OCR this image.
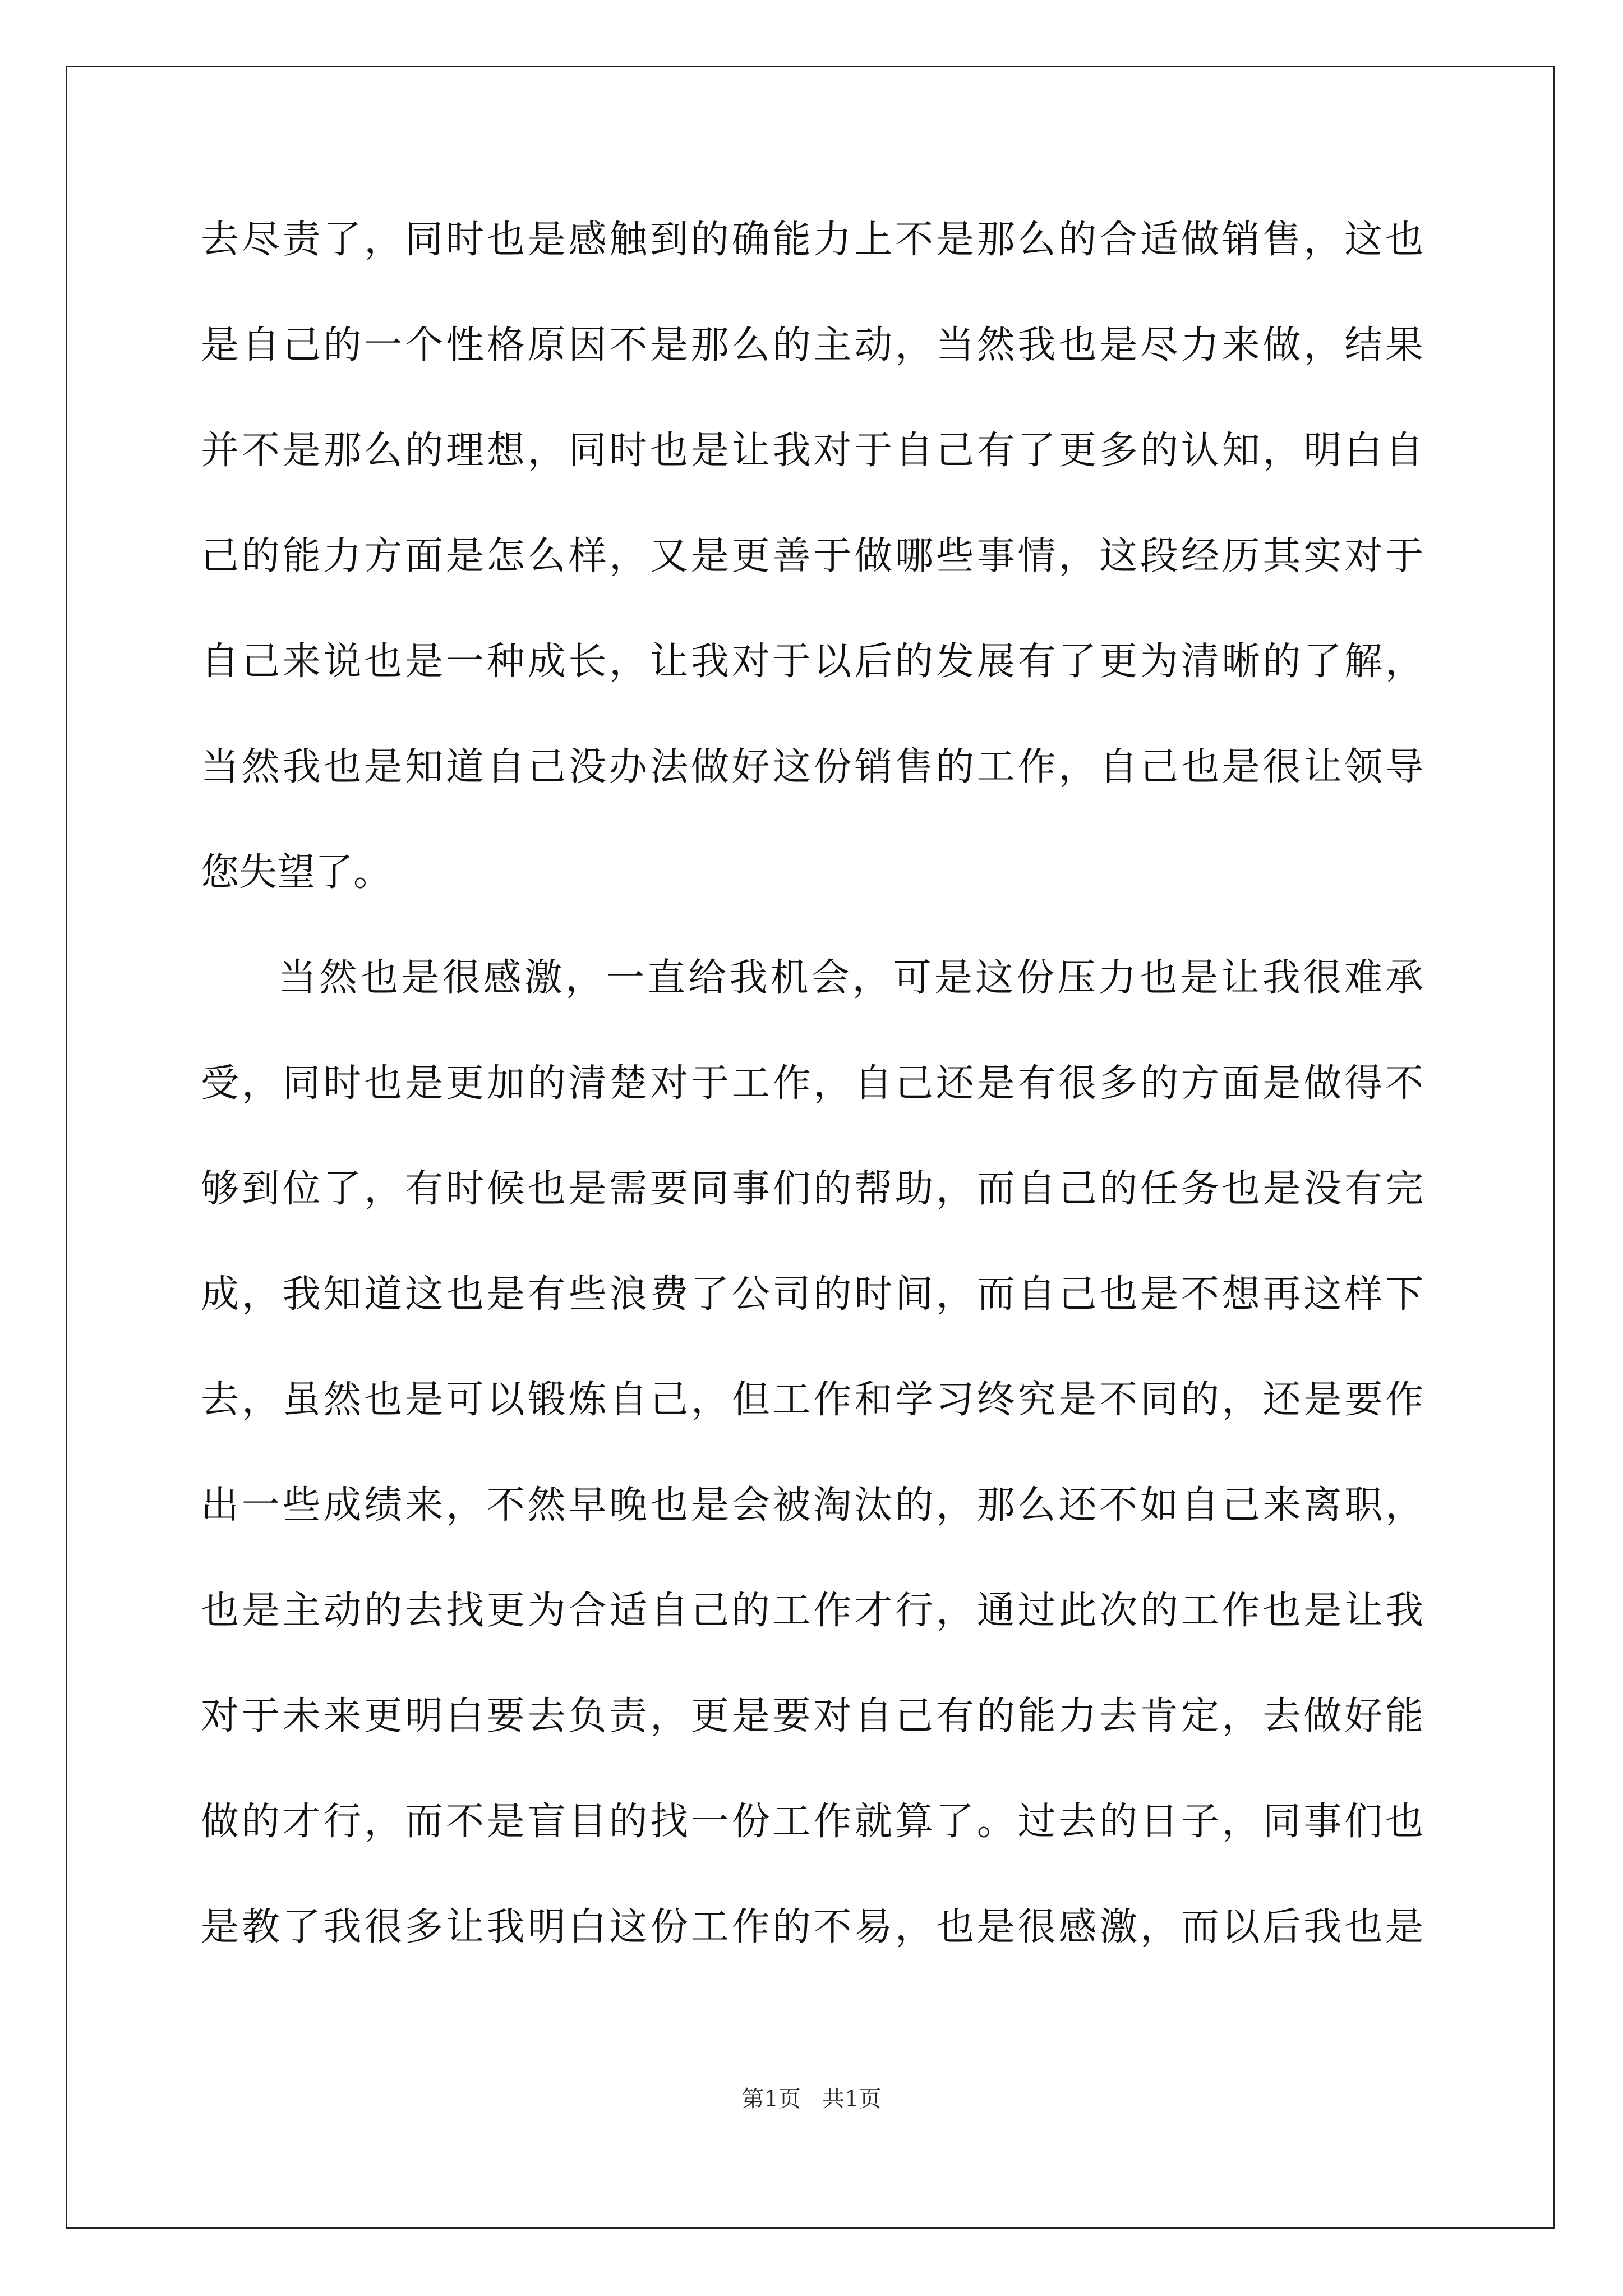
去尽责了，同时也是感触到的确能力上不是那么的合适做销售，这也
是自己的一个性格原因不是那么的主动，当然我也是尽力来做，结果
并不是那么的理想，同时也是让我对于自己有了更多的认知，明白自
己的能力方面是怎么样，又是更善于做哪些事情，这段经历其实对于
自己来说也是一种成长，让我对于以后的发展有了更为清晰的了解，
当然我也是知道自己没办法做好这份销售的工作，自己也是很让领导
您失望了。
当然也是很感激，一直给我机会，可是这份压力也是让我很难承
受，同时也是更加的清楚对于工作，自己还是有很多的方面是做得不
够到位了，有时候也是需要同事们的帮助，而自己的任务也是没有完
成，我知道这也是有些浪费了公司的时间，而自己也是不想再这样下
去，虽然也是可以锻炼自己，但工作和学习终究是不同的，还是要作
出一些成绩来，不然早晚也是会被淘汰的，那么还不如自己来离职，
也是主动的去找更为合适自己的工作才行，通过此次的工作也是让我
对于未来更明白要去负责，更是要对自己有的能力去肯定，去做好能
做的才行，而不是盲目的找一份工作就算了。过去的日子，同事们也
是教了我很多让我明白这份工作的不易，也是很感激，而以后我也是
第1页   共1页
